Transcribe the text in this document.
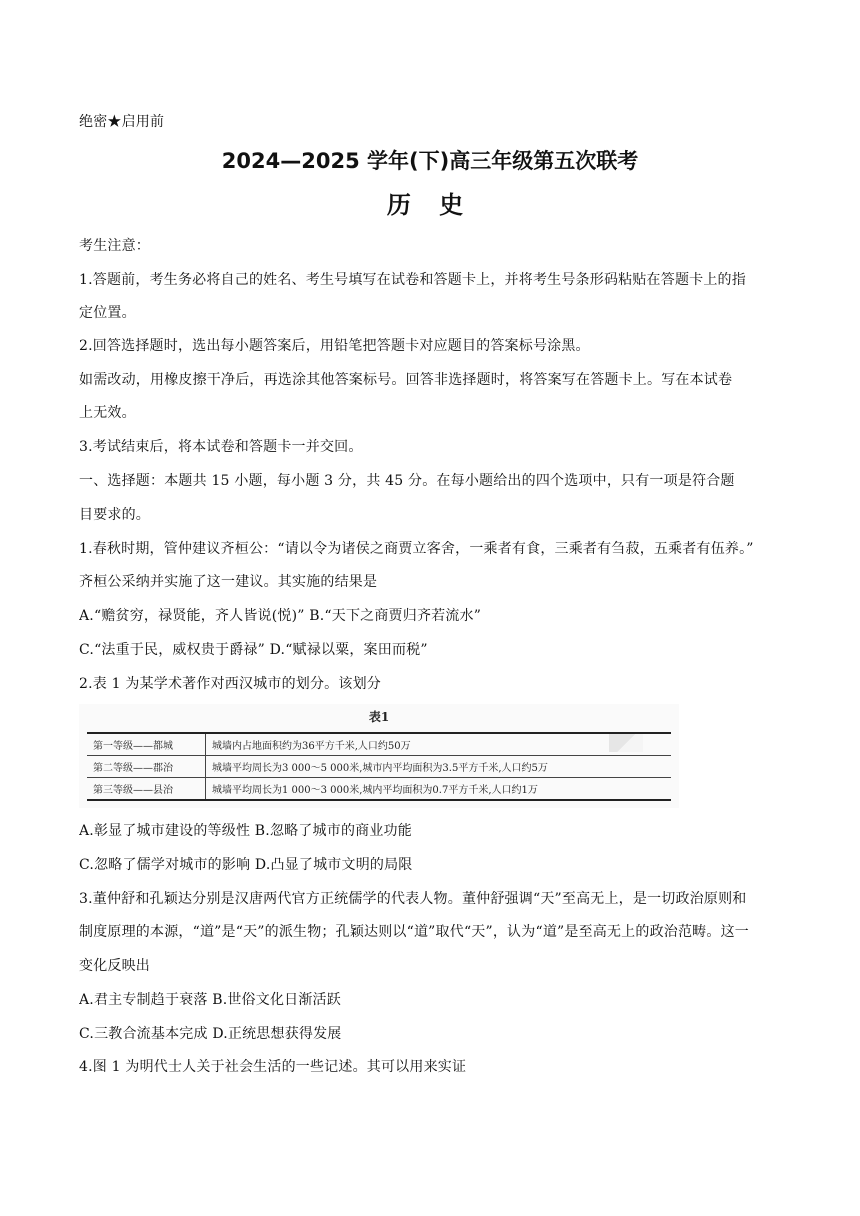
绝密★启用前
2024—2025 学年(下)高三年级第五次联考
历 史
考生注意：
1.答题前，考生务必将自己的姓名、考生号填写在试卷和答题卡上，并将考生号条形码粘贴在答题卡上的指
定位置。
2.回答选择题时，选出每小题答案后，用铅笔把答题卡对应题目的答案标号涂黑。
如需改动，用橡皮擦干净后，再选涂其他答案标号。回答非选择题时，将答案写在答题卡上。写在本试卷
上无效。
3.考试结束后，将本试卷和答题卡一并交回。
一、选择题：本题共 15 小题，每小题 3 分，共 45 分。在每小题给出的四个选项中，只有一项是符合题
目要求的。
1.春秋时期，管仲建议齐桓公：“请以令为诸侯之商贾立客舍，一乘者有食，三乘者有刍菽，五乘者有伍养。”
齐桓公采纳并实施了这一建议。其实施的结果是
A.“赡贫穷，禄贤能，齐人皆说(悦)” B.“天下之商贾归齐若流水”
C.“法重于民，威权贵于爵禄” D.“赋禄以粟，案田而税”
2.表 1 为某学术著作对西汉城市的划分。该划分
表1
第一等级——都城	城墙内占地面积约为36平方千米,人口约50万
第二等级——郡治	城墙平均周长为3 000～5 000米,城市内平均面积为3.5平方千米,人口约5万
第三等级——县治	城墙平均周长为1 000～3 000米,城内平均面积为0.7平方千米,人口约1万
A.彰显了城市建设的等级性 B.忽略了城市的商业功能
C.忽略了儒学对城市的影响 D.凸显了城市文明的局限
3.董仲舒和孔颖达分别是汉唐两代官方正统儒学的代表人物。董仲舒强调“天”至高无上，是一切政治原则和
制度原理的本源，“道”是“天”的派生物；孔颖达则以“道”取代“天”，认为“道”是至高无上的政治范畴。这一
变化反映出
A.君主专制趋于衰落 B.世俗文化日渐活跃
C.三教合流基本完成 D.正统思想获得发展
4.图 1 为明代士人关于社会生活的一些记述。其可以用来实证
